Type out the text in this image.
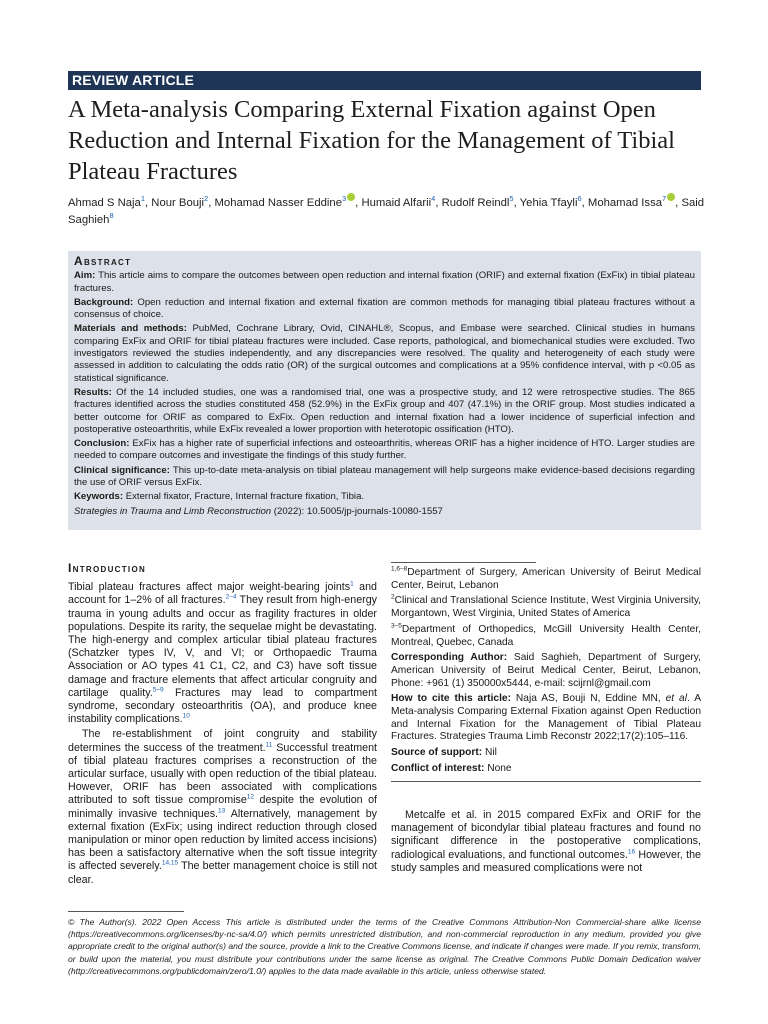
REVIEW ARTICLE
A Meta-analysis Comparing External Fixation against Open Reduction and Internal Fixation for the Management of Tibial Plateau Fractures
Ahmad S Naja$^1$, Nour Bouji$^2$, Mohamad Nasser Eddine$^3$ , Humaid Alfarii$^4$, Rudolf Reindl$^5$, Yehia Tfayli$^6$, Mohamad Issa$^7$ , Said Saghieh$^8$
Abstract

Aim: This article aims to compare the outcomes between open reduction and internal fixation (ORIF) and external fixation (ExFix) in tibial plateau fractures.

Background: Open reduction and internal fixation and external fixation are common methods for managing tibial plateau fractures without a consensus of choice.

Materials and methods: PubMed, Cochrane Library, Ovid, CINAHL®, Scopus, and Embase were searched. Clinical studies in humans comparing ExFix and ORIF for tibial plateau fractures were included. Case reports, pathological, and biomechanical studies were excluded. Two investigators reviewed the studies independently, and any discrepancies were resolved. The quality and heterogeneity of each study were assessed in addition to calculating the odds ratio (OR) of the surgical outcomes and complications at a 95% confidence interval, with p <0.05 as statistical significance.

Results: Of the 14 included studies, one was a randomised trial, one was a prospective study, and 12 were retrospective studies. The 865 fractures identified across the studies constituted 458 (52.9%) in the ExFix group and 407 (47.1%) in the ORIF group. Most studies indicated a better outcome for ORIF as compared to ExFix. Open reduction and internal fixation had a lower incidence of superficial infection and postoperative osteoarthritis, while ExFix revealed a lower proportion with heterotopic ossification (HTO).

Conclusion: ExFix has a higher rate of superficial infections and osteoarthritis, whereas ORIF has a higher incidence of HTO. Larger studies are needed to compare outcomes and investigate the findings of this study further.

Clinical significance: This up-to-date meta-analysis on tibial plateau management will help surgeons make evidence-based decisions regarding the use of ORIF versus ExFix.

Keywords: External fixator, Fracture, Internal fracture fixation, Tibia.

Strategies in Trauma and Limb Reconstruction (2022): 10.5005/jp-journals-10080-1557

Introduction

Tibial plateau fractures affect major weight-bearing joints$^1$ and account for 1–2% of all fractures.$^{2-4}$ They result from high-energy trauma in young adults and occur as fragility fractures in older populations. Despite its rarity, the sequelae might be devastating. The high-energy and complex articular tibial plateau fractures (Schatzker types IV, V, and VI; or Orthopaedic Trauma Association or AO types 41 C1, C2, and C3) have soft tissue damage and fracture elements that affect articular congruity and cartilage quality.$^{5-9}$ Fractures may lead to compartment syndrome, secondary osteoarthritis (OA), and produce knee instability complications.$^{10}$

The re-establishment of joint congruity and stability determines the success of the treatment.$^{11}$ Successful treatment of tibial plateau fractures comprises a reconstruction of the articular surface, usually with open reduction of the tibial plateau. However, ORIF has been associated with complications attributed to soft tissue compromise$^{12}$ despite the evolution of minimally invasive techniques.$^{13}$ Alternatively, management by external fixation (ExFix; using indirect reduction through closed manipulation or minor open reduction by limited access incisions) has been a satisfactory alternative when the soft tissue integrity is affected severely.$^{14,15}$ The better management choice is still not clear.

$^{1,6-8}$Department of Surgery, American University of Beirut Medical Center, Beirut, Lebanon

$^2$Clinical and Translational Science Institute, West Virginia University, Morgantown, West Virginia, United States of America

$^{3-5}$Department of Orthopedics, McGill University Health Center, Montreal, Quebec, Canada

Corresponding Author: Said Saghieh, Department of Surgery, American University of Beirut Medical Center, Beirut, Lebanon, Phone: +961 (1) 350000x5444, e-mail: scijrnl@gmail.com

How to cite this article: Naja AS, Bouji N, Eddine MN, et al. A Meta-analysis Comparing External Fixation against Open Reduction and Internal Fixation for the Management of Tibial Plateau Fractures. Strategies Trauma Limb Reconstr 2022;17(2):105–116.

Source of support: Nil

Conflict of interest: None

Metcalfe et al. in 2015 compared ExFix and ORIF for the management of bicondylar tibial plateau fractures and found no significant difference in the postoperative complications, radiological evaluations, and functional outcomes.$^{16}$ However, the study samples and measured complications were not

© The Author(s). 2022 Open Access This article is distributed under the terms of the Creative Commons Attribution-Non Commercial-share alike license (https://creativecommons.org/licenses/by-nc-sa/4.0/) which permits unrestricted distribution, and non-commercial reproduction in any medium, provided you give appropriate credit to the original author(s) and the source, provide a link to the Creative Commons license, and indicate if changes were made. If you remix, transform, or build upon the material, you must distribute your contributions under the same license as original. The Creative Commons Public Domain Dedication waiver (http://creativecommons.org/publicdomain/zero/1.0/) applies to the data made available in this article, unless otherwise stated.
